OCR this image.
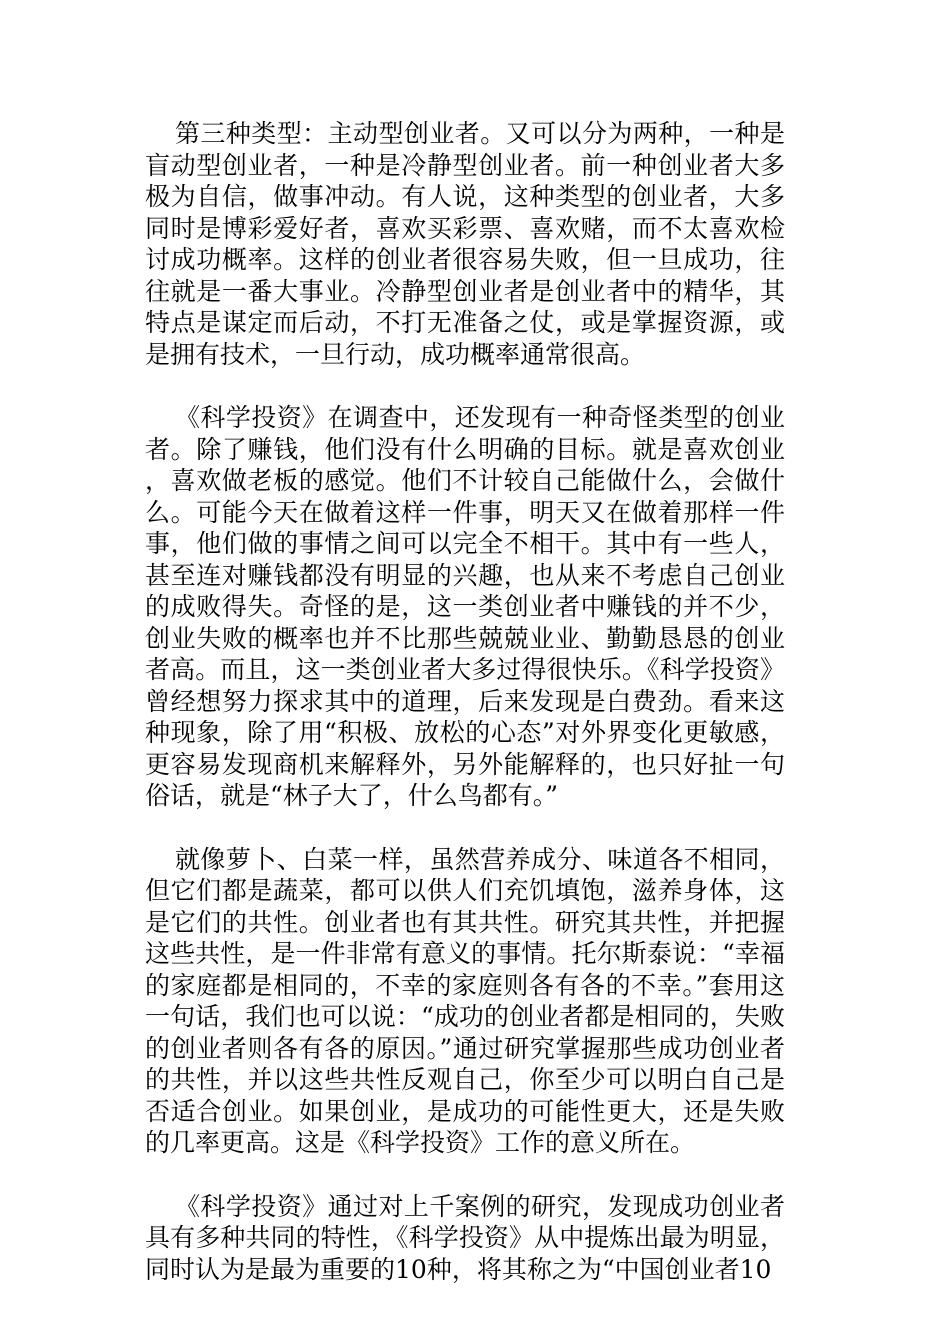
第三种类型：主动型创业者。又可以分为两种，一种是盲动型创业者，一种是冷静型创业者。前一种创业者大多极为自信，做事冲动。有人说，这种类型的创业者，大多同时是博彩爱好者，喜欢买彩票、喜欢赌，而不太喜欢检讨成功概率。这样的创业者很容易失败，但一旦成功，往往就是一番大事业。冷静型创业者是创业者中的精华，其特点是谋定而后动，不打无准备之仗，或是掌握资源，或是拥有技术，一旦行动，成功概率通常很高。

《科学投资》在调查中，还发现有一种奇怪类型的创业者。除了赚钱，他们没有什么明确的目标。就是喜欢创业，喜欢做老板的感觉。他们不计较自己能做什么，会做什么。可能今天在做着这样一件事，明天又在做着那样一件事，他们做的事情之间可以完全不相干。其中有一些人，甚至连对赚钱都没有明显的兴趣，也从来不考虑自己创业的成败得失。奇怪的是，这一类创业者中赚钱的并不少，创业失败的概率也并不比那些兢兢业业、勤勤恳恳的创业者高。而且，这一类创业者大多过得很快乐。《科学投资》曾经想努力探求其中的道理，后来发现是白费劲。看来这种现象，除了用“积极、放松的心态”对外界变化更敏感，更容易发现商机来解释外，另外能解释的，也只好扯一句俗话，就是“林子大了，什么鸟都有。”

就像萝卜、白菜一样，虽然营养成分、味道各不相同，但它们都是蔬菜，都可以供人们充饥填饱，滋养身体，这是它们的共性。创业者也有其共性。研究其共性，并把握这些共性，是一件非常有意义的事情。托尔斯泰说：“幸福的家庭都是相同的，不幸的家庭则各有各的不幸。”套用这一句话，我们也可以说：“成功的创业者都是相同的，失败的创业者则各有各的原因。”通过研究掌握那些成功创业者的共性，并以这些共性反观自己，你至少可以明白自己是否适合创业。如果创业，是成功的可能性更大，还是失败的几率更高。这是《科学投资》工作的意义所在。

《科学投资》通过对上千案例的研究，发现成功创业者具有多种共同的特性，《科学投资》从中提炼出最为明显，同时认为是最为重要的10种，将其称之为“中国创业者10
